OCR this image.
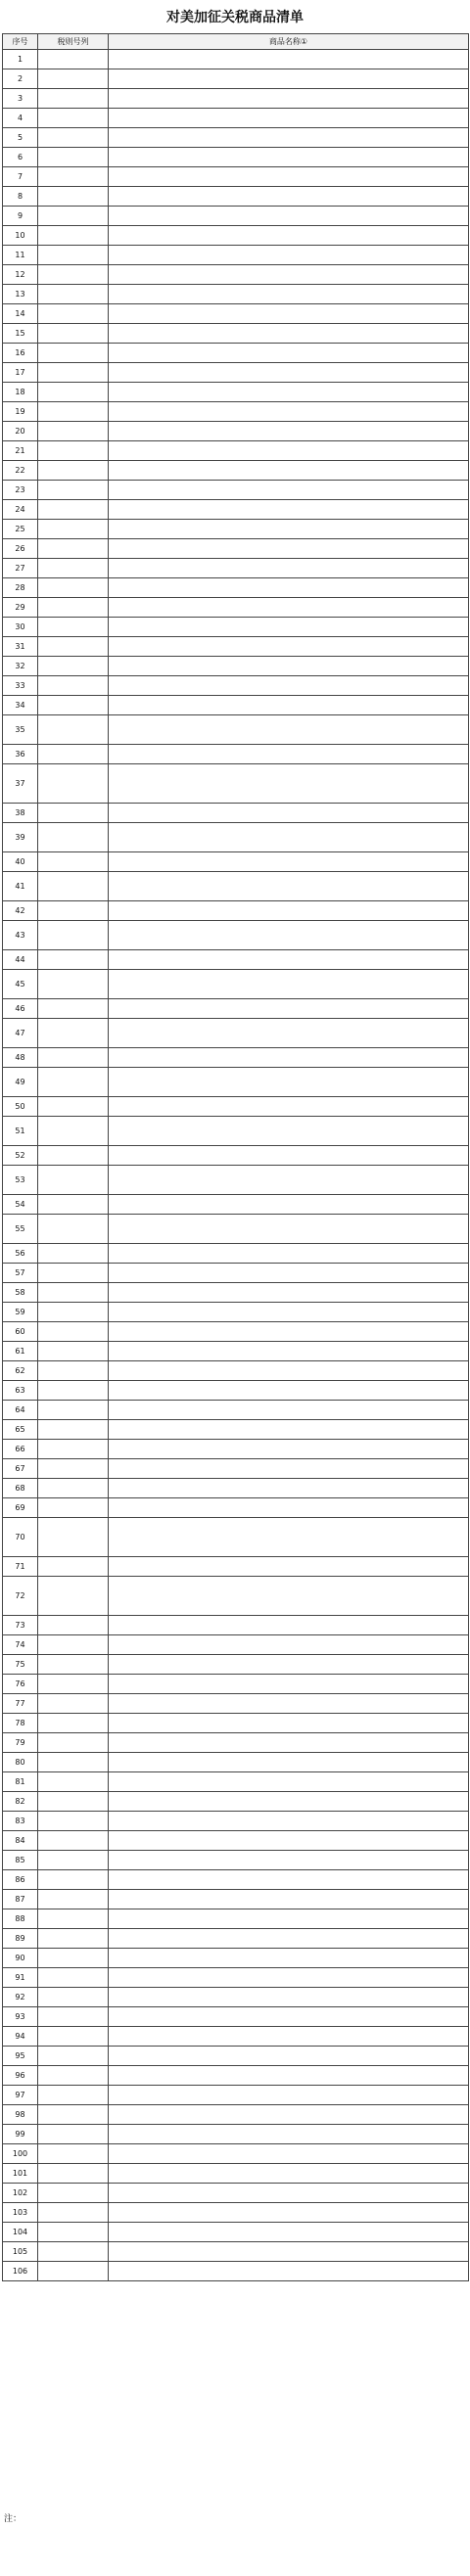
对美加征关税商品清单
序号	税则号列	商品名称①
1		
2		
3		
4		
5		
6		
7		
8		
9		
10		
11		
12		
13		
14		
15		
16		
17		
18		
19		
20		
21		
22		
23		
24		
25		
26		
27		
28		
29		
30		
31		
32		
33		
34		
35		
36		
37		
38		
39		
40		
41		
42		
43		
44		
45		
46		
47		
48		
49		
50		
51		
52		
53		
54		
55		
56		
57		
58		
59		
60		
61		
62		
63		
64		
65		
66		
67		
68		
69		
70		
71		
72		
73		
74		
75		
76		
77		
78		
79		
80		
81		
82		
83		
84		
85		
86		
87		
88		
89		
90		
91		
92		
93		
94		
95		
96		
97		
98		
99		
100		
101		
102		
103		
104		
105		
106		

注：
